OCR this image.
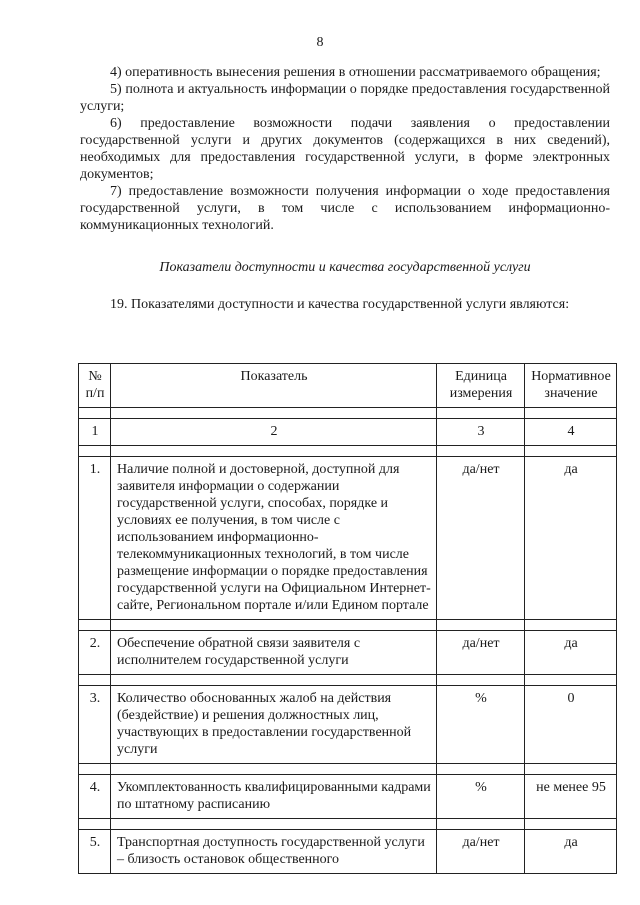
8

4) оперативность вынесения решения в отношении рассматриваемого обращения;

5) полнота и актуальность информации о порядке предоставления государственной услуги;

6) предоставление возможности подачи заявления о предоставлении государственной услуги и других документов (содержащихся в них сведений), необходимых для предоставления государственной услуги, в форме электронных документов;

7) предоставление возможности получения информации о ходе предоставления государственной услуги, в том числе с использованием информационно-коммуникационных технологий.

Показатели доступности и качества государственной услуги

19. Показателями доступности и качества государственной услуги являются:

№ п/п	Показатель	Единица измерения	Нормативное значение

1	2	3	4

1.	Наличие полной и достоверной, доступной для заявителя информации о содержании государственной услуги, способах, порядке и условиях ее получения, в том числе с использованием информационно-телекоммуникационных технологий, в том числе размещение информации о порядке предоставления государственной услуги на Официальном Интернет-сайте, Региональном портале и/или Едином портале	да/нет	да

2.	Обеспечение обратной связи заявителя с исполнителем государственной услуги	да/нет	да

3.	Количество обоснованных жалоб на действия (бездействие) и решения должностных лиц, участвующих в предоставлении государственной услуги	%	0

4.	Укомплектованность квалифицированными кадрами по штатному расписанию	%	не менее 95

5.	Транспортная доступность государственной услуги – близость остановок общественного	да/нет	да
